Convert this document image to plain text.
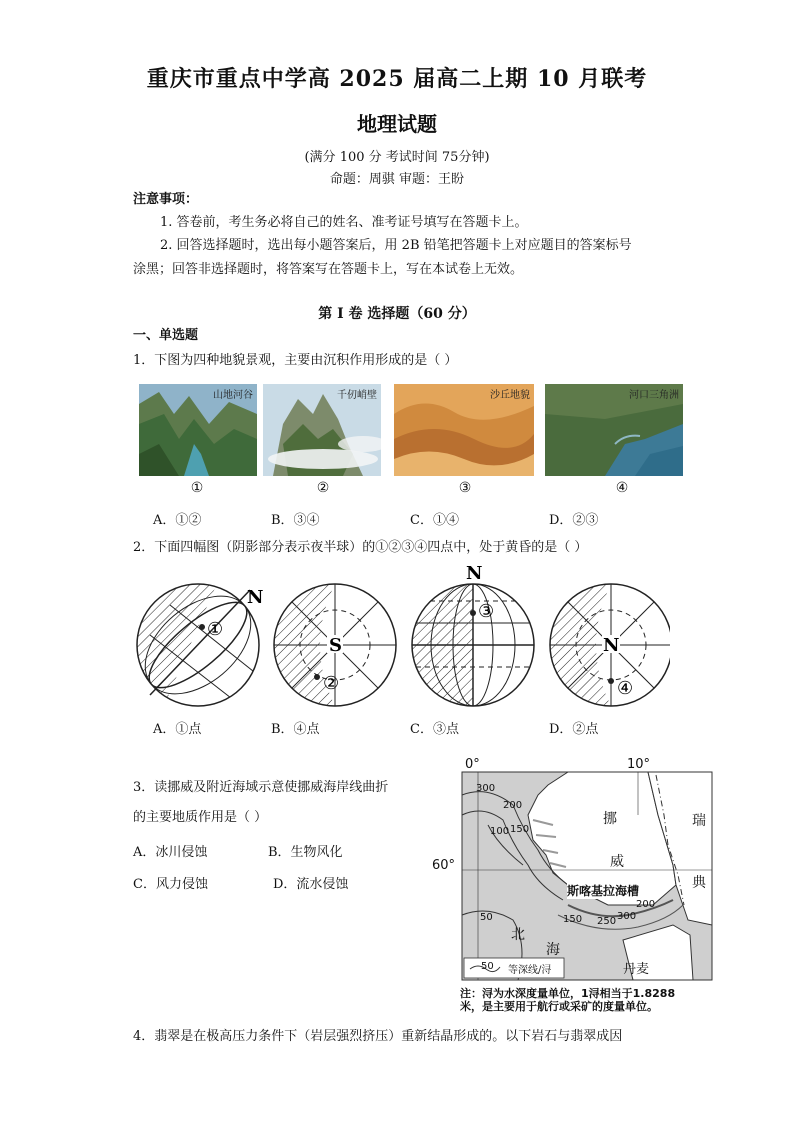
重庆市重点中学高 2025 届高二上期 10 月联考
地理试题
(满分 100 分 考试时间 75分钟)
命题：周骐 审题：王盼
注意事项：
1. 答卷前，考生务必将自己的姓名、准考证号填写在答题卡上。
2. 回答选择题时，选出每小题答案后，用 2B 铅笔把答题卡上对应题目的答案标号
涂黑；回答非选择题时，将答案写在答题卡上，写在本试卷上无效。
第 I 卷 选择题（60 分）
一、单选题
1．下图为四种地貌景观，主要由沉积作用形成的是（ ）
山地河谷	千仞峭壁	沙丘地貌	河口三角洲
①	②	③	④
A．①②	B．③④	C．①④	D．②③
2．下面四幅图（阴影部分表示夜半球）的①②③④四点中，处于黄昏的是（ ）
N
①
S
②
N
③
N
④
A．①点	B．④点	C．③点	D．②点
3．读挪威及附近海域示意使挪威海岸线曲折
的主要地质作用是（ ）
A．冰川侵蚀	B．生物风化
C．风力侵蚀	D．流水侵蚀
0°	10°
60°
挪
威
瑞
典
斯喀基拉海槽
北
海
丹麦
300
200
150
100
50	150 250 300
200
50 等深线/浔
注：浔为水深度量单位，1浔相当于1.8288
米，是主要用于航行或采矿的度量单位。
4．翡翠是在极高压力条件下（岩层强烈挤压）重新结晶形成的。以下岩石与翡翠成因
